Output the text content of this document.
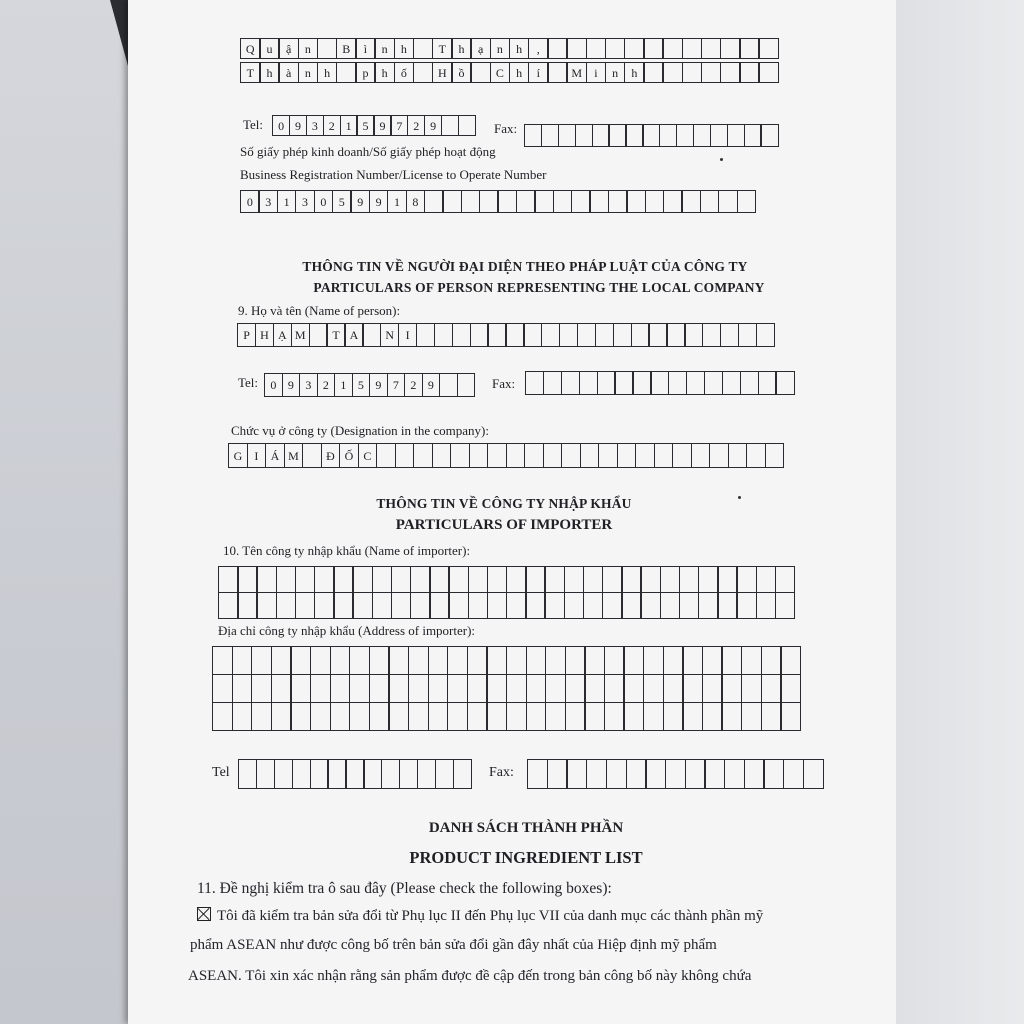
Q u	ậ	n	B	ì	n	h	T	h	ạ	n	h	,
T	h	à	n	h	p	h	ố	H ồ	C	h	í	M	i	n	h
Tel:	0 9 3 2 1 5 9 7 2 9	Fax:
Số giấy phép kinh doanh/Số giấy phép hoạt động
Business Registration Number/License to Operate Number
0	3	1	3	0	5	9	9	1	8
THÔNG TIN VỀ NGƯỜI ĐẠI DIỆN THEO PHÁP LUẬT CỦA CÔNG TY
PARTICULARS OF PERSON REPRESENTING THE LOCAL COMPANY
9. Họ và tên (Name of person):
P H Ạ M	T A	N I
Tel:	0 9 3 2 1 5 9 7 2 9	Fax:
Chức vụ ở công ty (Designation in the company):
G	I	Á M	Đ Ố C
THÔNG TIN VỀ CÔNG TY NHẬP KHẨU
PARTICULARS OF IMPORTER
10. Tên công ty nhập khẩu (Name of importer):
Địa chỉ công ty nhập khẩu (Address of importer):
Tel	Fax:
DANH SÁCH THÀNH PHẦN
PRODUCT INGREDIENT LIST
11. Đề nghị kiểm tra ô sau đây (Please check the following boxes):
Tôi đã kiểm tra bản sửa đổi từ Phụ lục II đến Phụ lục VII của danh mục các thành phần mỹ
phẩm ASEAN như được công bố trên bản sửa đổi gần đây nhất của Hiệp định mỹ phẩm
ASEAN. Tôi xin xác nhận rằng sản phẩm được đề cập đến trong bản công bố này không chứa
